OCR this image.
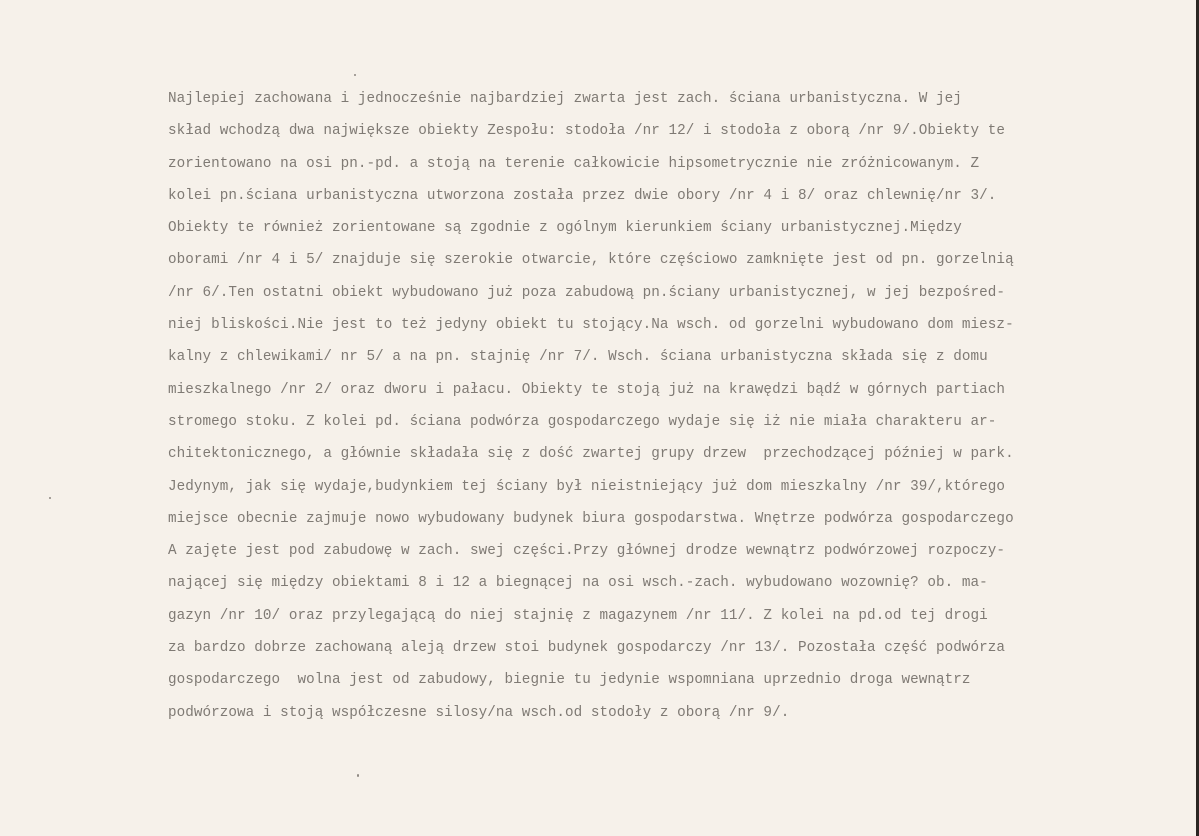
Najlepiej zachowana i jednocześnie najbardziej zwarta jest zach. ściana urbanistyczna. W jej
skład wchodzą dwa największe obiekty Zespołu: stodoła /nr 12/ i stodoła z oborą /nr 9/.Obiekty te
zorientowano na osi pn.-pd. a stoją na terenie całkowicie hipsometrycznie nie zróżnicowanym. Z
kolei pn.ściana urbanistyczna utworzona została przez dwie obory /nr 4 i 8/ oraz chlewnię/nr 3/.
Obiekty te również zorientowane są zgodnie z ogólnym kierunkiem ściany urbanistycznej.Między
oborami /nr 4 i 5/ znajduje się szerokie otwarcie, które częściowo zamknięte jest od pn. gorzelnią
/nr 6/.Ten ostatni obiekt wybudowano już poza zabudową pn.ściany urbanistycznej, w jej bezpośred-
niej bliskości.Nie jest to też jedyny obiekt tu stojący.Na wsch. od gorzelni wybudowano dom miesz-
kalny z chlewikami/ nr 5/ a na pn. stajnię /nr 7/. Wsch. ściana urbanistyczna składa się z domu
mieszkalnego /nr 2/ oraz dworu i pałacu. Obiekty te stoją już na krawędzi bądź w górnych partiach
stromego stoku. Z kolei pd. ściana podwórza gospodarczego wydaje się iż nie miała charakteru ar-
chitektonicznego, a głównie składała się z dość zwartej grupy drzew  przechodzącej później w park.
Jedynym, jak się wydaje,budynkiem tej ściany był nieistniejący już dom mieszkalny /nr 39/,którego
miejsce obecnie zajmuje nowo wybudowany budynek biura gospodarstwa. Wnętrze podwórza gospodarczego
A zajęte jest pod zabudowę w zach. swej części.Przy głównej drodze wewnątrz podwórzowej rozpoczy-
nającej się między obiektami 8 i 12 a biegnącej na osi wsch.-zach. wybudowano wozownię? ob. ma-
gazyn /nr 10/ oraz przylegającą do niej stajnię z magazynem /nr 11/. Z kolei na pd.od tej drogi
za bardzo dobrze zachowaną aleją drzew stoi budynek gospodarczy /nr 13/. Pozostała część podwórza
gospodarczego  wolna jest od zabudowy, biegnie tu jedynie wspomniana uprzednio droga wewnątrz
podwórzowa i stoją współczesne silosy/na wsch.od stodoły z oborą /nr 9/.
